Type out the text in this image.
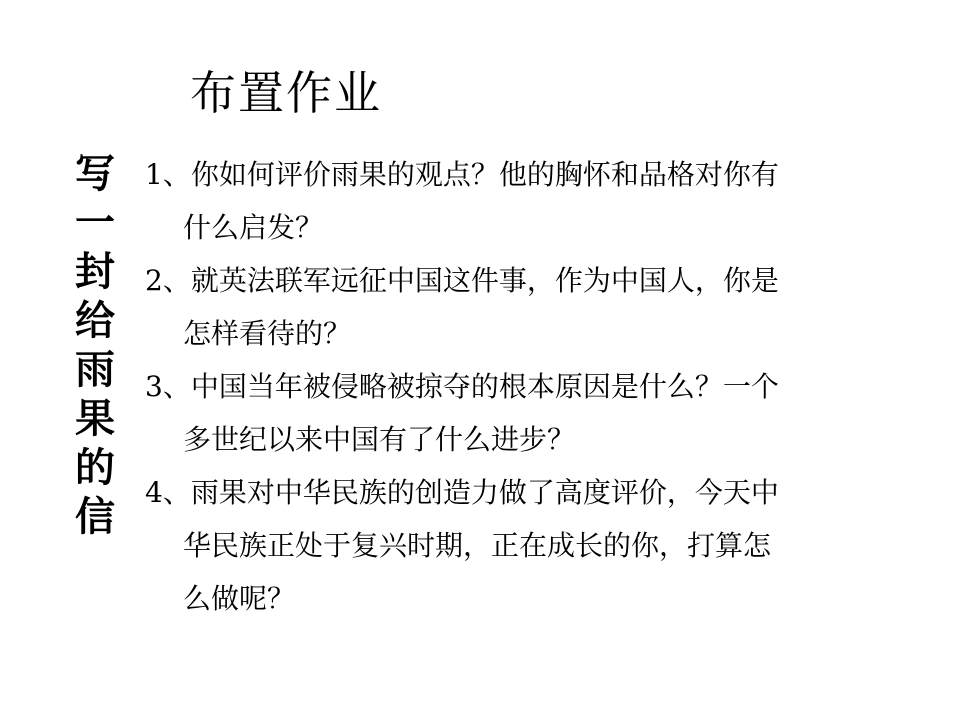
布置作业
写
一
封
给
雨
果
的
信
1、你如何评价雨果的观点？他的胸怀和品格对你有
什么启发？
2、就英法联军远征中国这件事，作为中国人，你是
怎样看待的？
3、中国当年被侵略被掠夺的根本原因是什么？一个
多世纪以来中国有了什么进步？
4、雨果对中华民族的创造力做了高度评价，今天中
华民族正处于复兴时期，正在成长的你，打算怎
么做呢？
